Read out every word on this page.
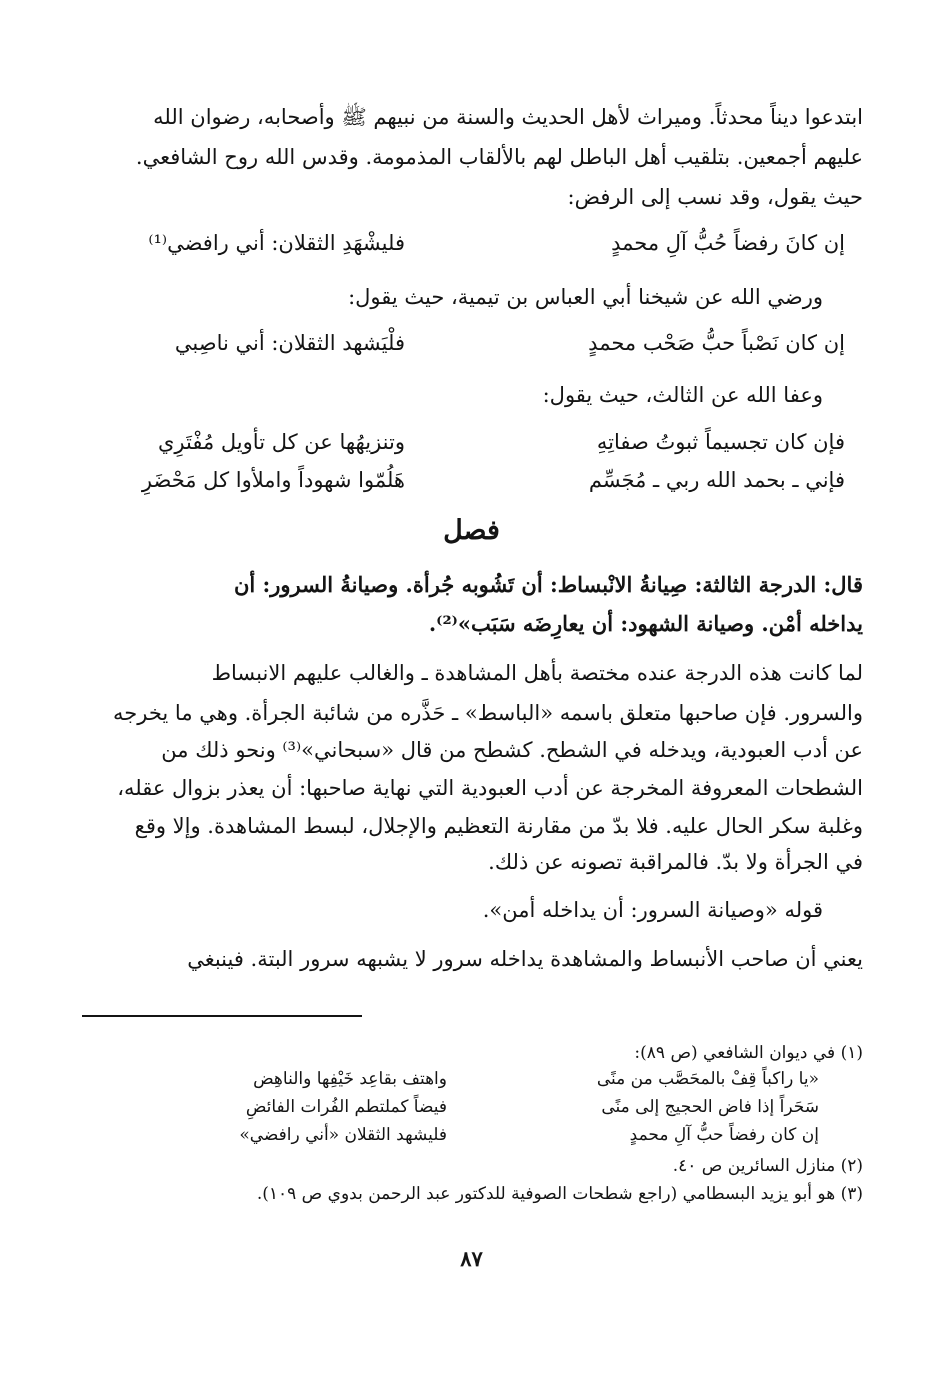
ابتدعوا ديناً محدثاً. وميراث لأهل الحديث والسنة من نبيهم ﷺ وأصحابه، رضوان الله
عليهم أجمعين. بتلقيب أهل الباطل لهم بالألقاب المذمومة. وقدس الله روح الشافعي.
حيث يقول، وقد نسب إلى الرفض:
إن كانَ رفضاً حُبُّ آلِ محمدٍ
فليشْهَدِ الثقلان: أني رافضي⁽¹⁾
ورضي الله عن شيخنا أبي العباس بن تيمية، حيث يقول:
إن كان نَصْباً حبُّ صَحْب محمدٍ
فلْيَشهد الثقلان: أني ناصِبي
وعفا الله عن الثالث، حيث يقول:
فإن كان تجسيماً ثبوتُ صفاتِهِ
وتنزيهُها عن كل تأويل مُفْتَرِي
فإني ـ بحمد الله ربي ـ مُجَسِّم
هَلُمّوا شهوداً واملأوا كل مَحْضَرِ
فصل
قال: الدرجة الثالثة: صِيانةُ الانْبساط: أن تَشُوبه جُرأة. وصيانةُ السرور: أن
يداخله أمْن. وصيانة الشهود: أن يعارِضَه سَبَب»⁽²⁾.
لما كانت هذه الدرجة عنده مختصة بأهل المشاهدة ـ والغالب عليهم الانبساط
والسرور. فإن صاحبها متعلق باسمه «الباسط» ـ حَذَّره من شائبة الجرأة. وهي ما يخرجه
عن أدب العبودية، ويدخله في الشطح. كشطح من قال «سبحاني»⁽³⁾ ونحو ذلك من
الشطحات المعروفة المخرجة عن أدب العبودية التي نهاية صاحبها: أن يعذر بزوال عقله،
وغلبة سكر الحال عليه. فلا بدّ من مقارنة التعظيم والإجلال، لبسط المشاهدة. وإلا وقع
في الجرأة ولا بدّ. فالمراقبة تصونه عن ذلك.
قوله «وصيانة السرور: أن يداخله أمن».
يعني أن صاحب الأنبساط والمشاهدة يداخله سرور لا يشبهه سرور البتة. فينبغي
(١) في ديوان الشافعي (ص ٨٩):
«يا راكباً قِفْ بالمحَصَّب من منًى
واهتف بقاعِد خَيْفِها والناهِض
سَحَراً إذا فاض الحجيج إلى منًى
فيضاً كملتطم الفُرات الفائضِ
إن كان رفضاً حبُّ آلِ محمدٍ
فليشهد الثقلان «أني رافضي»
(٢) منازل السائرين ص ٤٠.
(٣) هو أبو يزيد البسطامي (راجع شطحات الصوفية للدكتور عبد الرحمن بدوي ص ١٠٩).
٨٧
